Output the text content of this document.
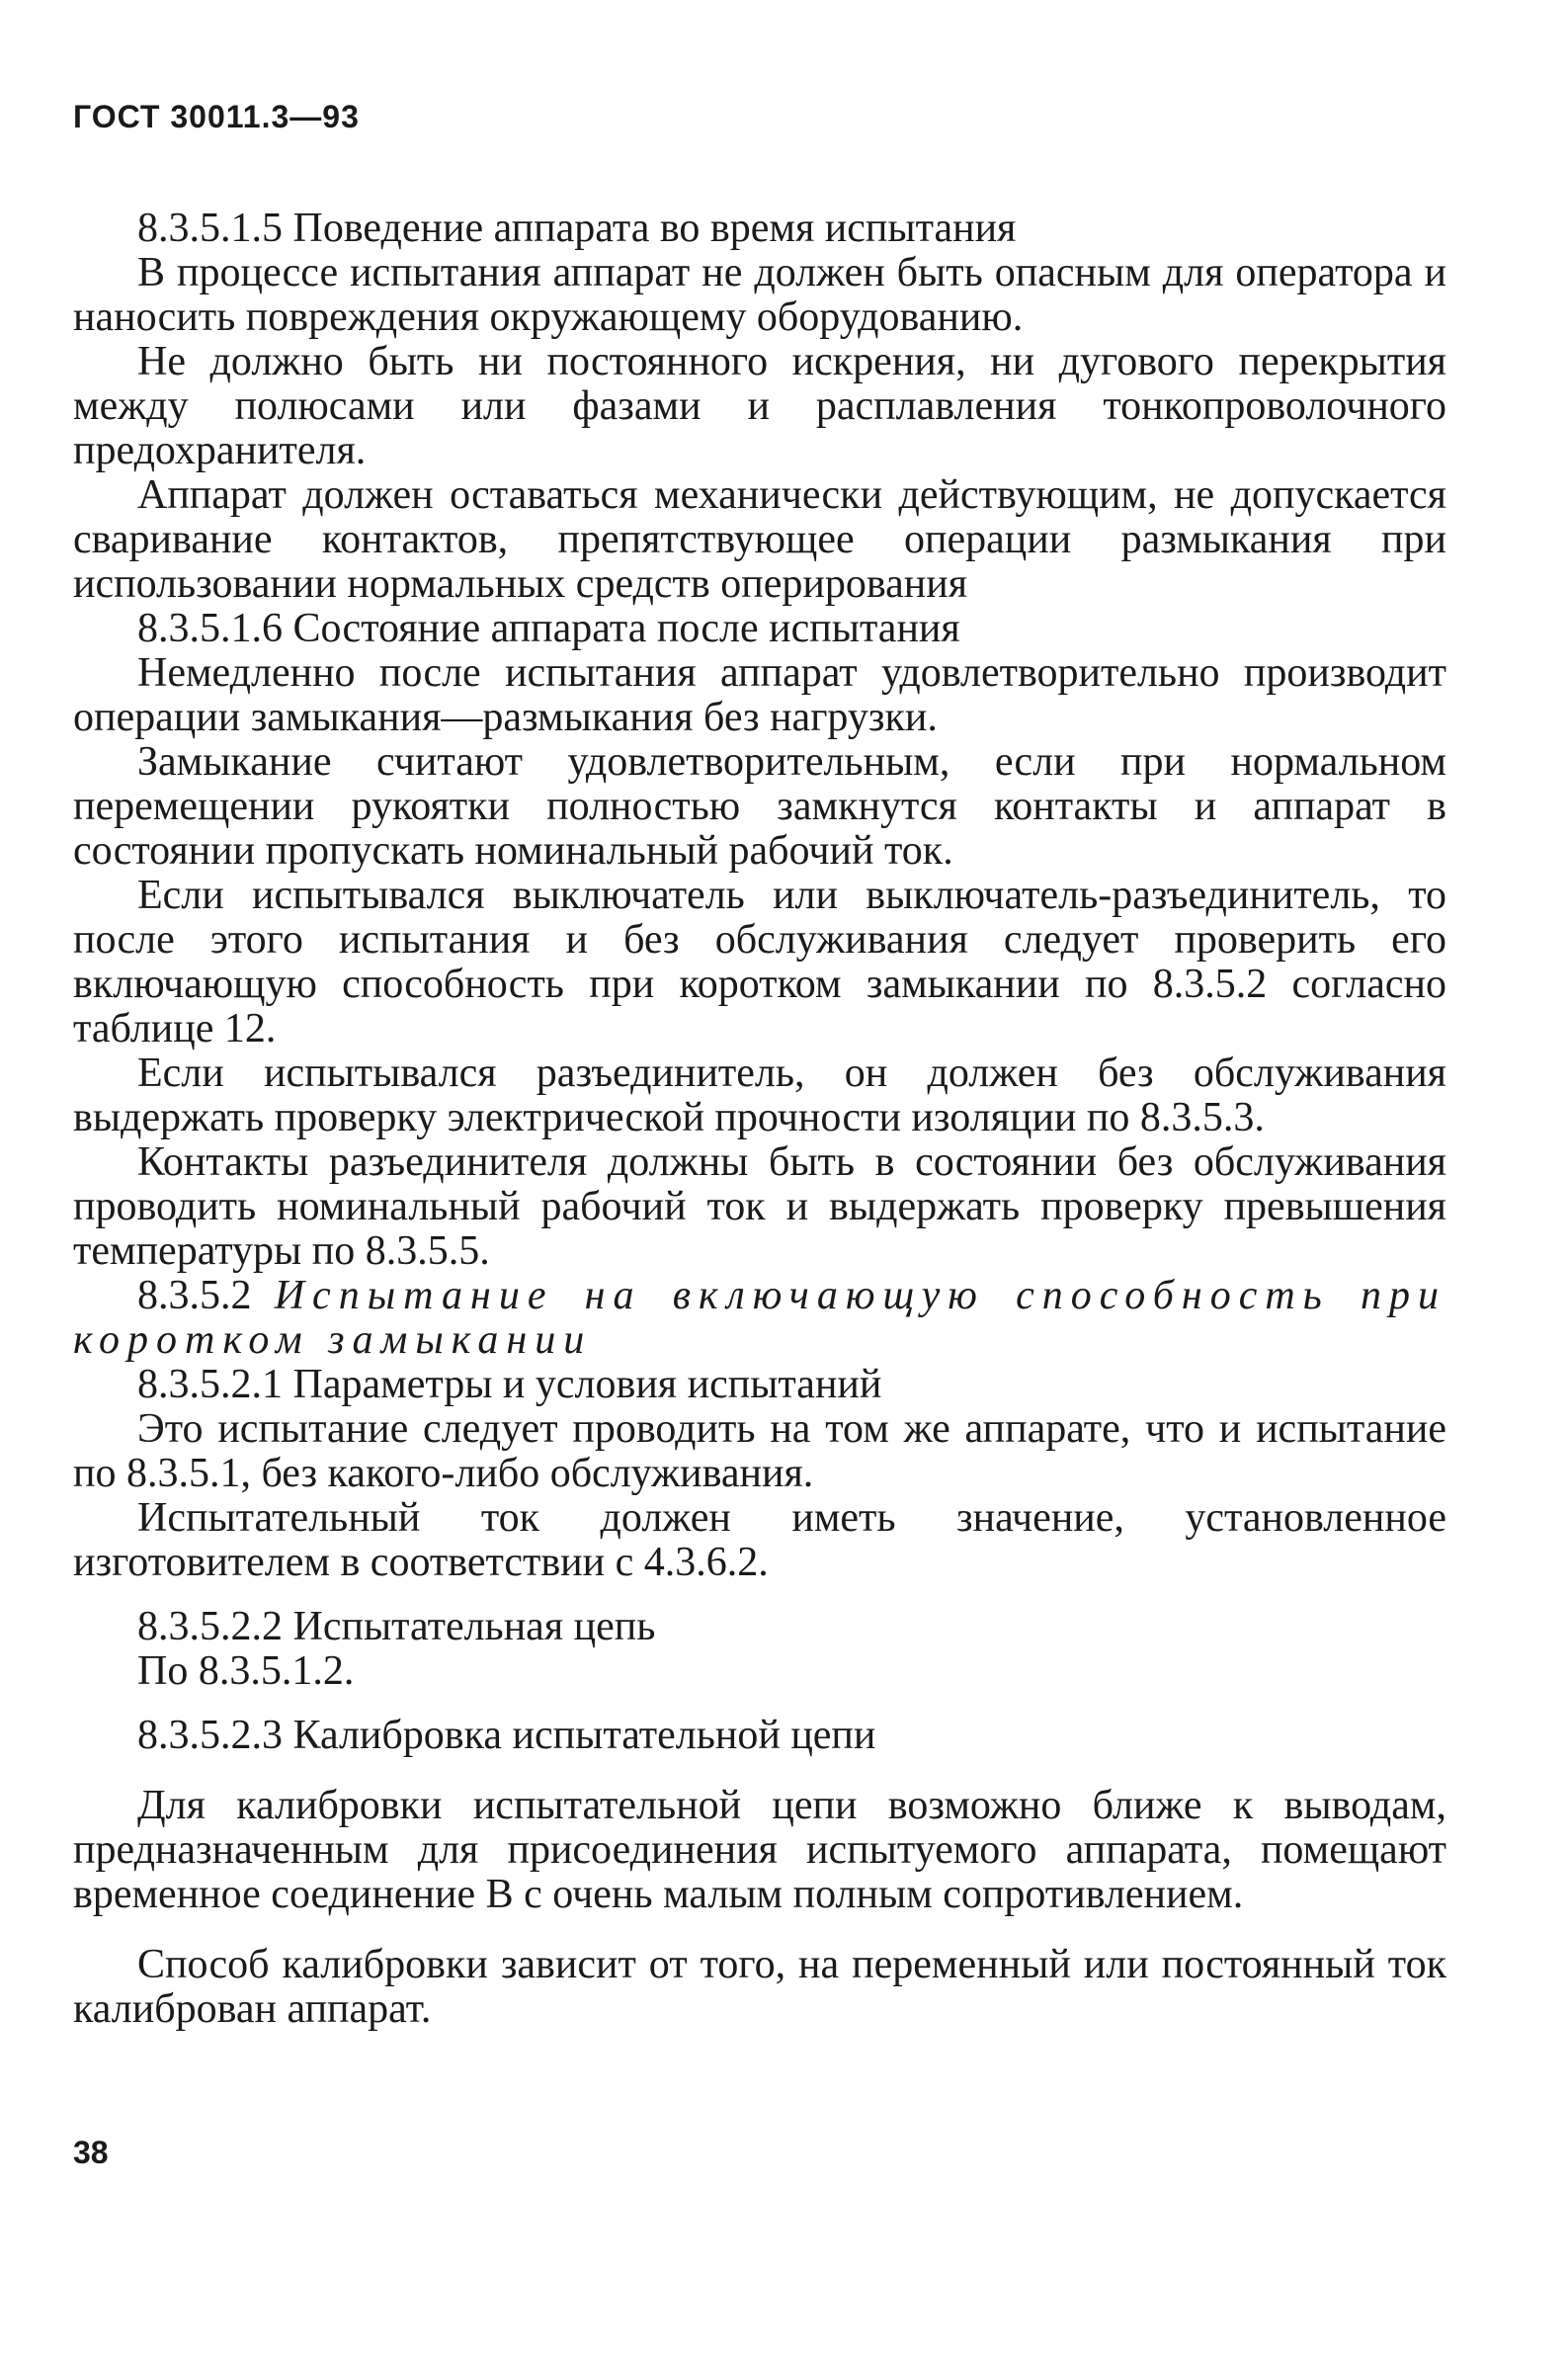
ГОСТ 30011.3—93
8.3.5.1.5 Поведение аппарата во время испытания

В процессе испытания аппарат не должен быть опасным для оператора и наносить повреждения окружающему оборудованию.

Не должно быть ни постоянного искрения, ни дугового перекрытия между полюсами или фазами и расплавления тонкопроволочного предохранителя.

Аппарат должен оставаться механически действующим, не допускается сваривание контактов, препятствующее операции размыкания при использовании нормальных средств оперирования

8.3.5.1.6 Состояние аппарата после испытания

Немедленно после испытания аппарат удовлетворительно производит операции замыкания—размыкания без нагрузки.

Замыкание считают удовлетворительным, если при нормальном перемещении рукоятки полностью замкнутся контакты и аппарат в состоянии пропускать номинальный рабочий ток.

Если испытывался выключатель или выключатель-разъединитель, то после этого испытания и без обслуживания следует проверить его включающую способность при коротком замыкании по 8.3.5.2 согласно таблице 12.

Если испытывался разъединитель, он должен без обслуживания выдержать проверку электрической прочности изоляции по 8.3.5.3.

Контакты разъединителя должны быть в состоянии без обслуживания проводить номинальный рабочий ток и выдержать проверку превышения температуры по 8.3.5.5.

8.3.5.2 Испытание на включающую способность при коротком замыкании

8.3.5.2.1 Параметры и условия испытаний

Это испытание следует проводить на том же аппарате, что и испытание по 8.3.5.1, без какого-либо обслуживания.

Испытательный ток должен иметь значение, установленное изготовителем в соответствии с 4.3.6.2.

8.3.5.2.2 Испытательная цепь
По 8.3.5.1.2.
8.3.5.2.3 Калибровка испытательной цепи

Для калибровки испытательной цепи возможно ближе к выводам, предназначенным для присоединения испытуемого аппарата, помещают временное соединение B с очень малым полным сопротивлением.

Способ калибровки зависит от того, на переменный или постоянный ток калиброван аппарат.

38
